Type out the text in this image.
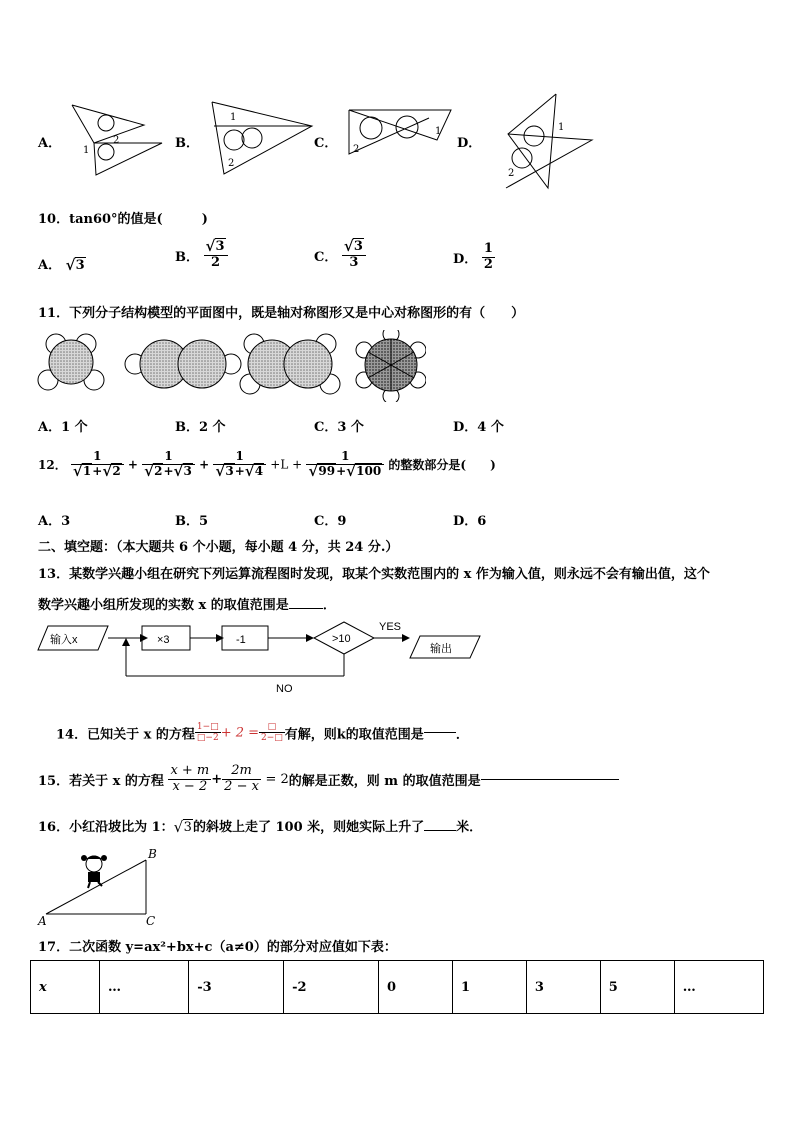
A． 1
2	B．
1
2
C．
1
2	D．
1
2
10．tan60°的值是(　　　)
A． √ 3
B． √ $\frac{3}{2}$	C． √ $\frac{3}{3}$	D． $\frac{1}{2}$
11．下列分子结构模型的平面图中，既是轴对称图形又是中心对称图形的有（　　）
A．1 个	B．2 个	C．3 个	D．4 个
12． 1
√ 1+ √ 2 + 1
√ 2+ √ 3 + 1
√ 3+ √ 4 +L + 1
√ 99+ √ 100 的整数部分是(　　)
A．3	B．5	C．9	D．6
二、填空题：（本大题共 6 个小题，每小题 4 分，共 24 分.）
13．某数学兴趣小组在研究下列运算流程图时发现，取某个实数范围内的 x 作为输入值，则永远不会有输出值，这个
数学兴趣小组所发现的实数 x 的取值范围是	．
输入x	×3	-1	>10
YES
输出
NO
14．已知关于 x 的方程 $\frac{1-□}{□-2} + 2 = \frac{□}{2-□}$ 有解，则k的取值范围是 ．
15．若关于 x 的方程 $\frac{x + m}{x - 2} + \frac{2m}{2 - x} = 2$的解是正数，则 m 的取值范围是
16．小红沿坡比为 1： √ 3的斜坡上走了 100 米，则她实际上升了 米．
A
B
C
17．二次函数 y=ax²+bx+c（a≠0）的部分对应值如下表：
x	…	-3	-2	0	1	3	5	…
